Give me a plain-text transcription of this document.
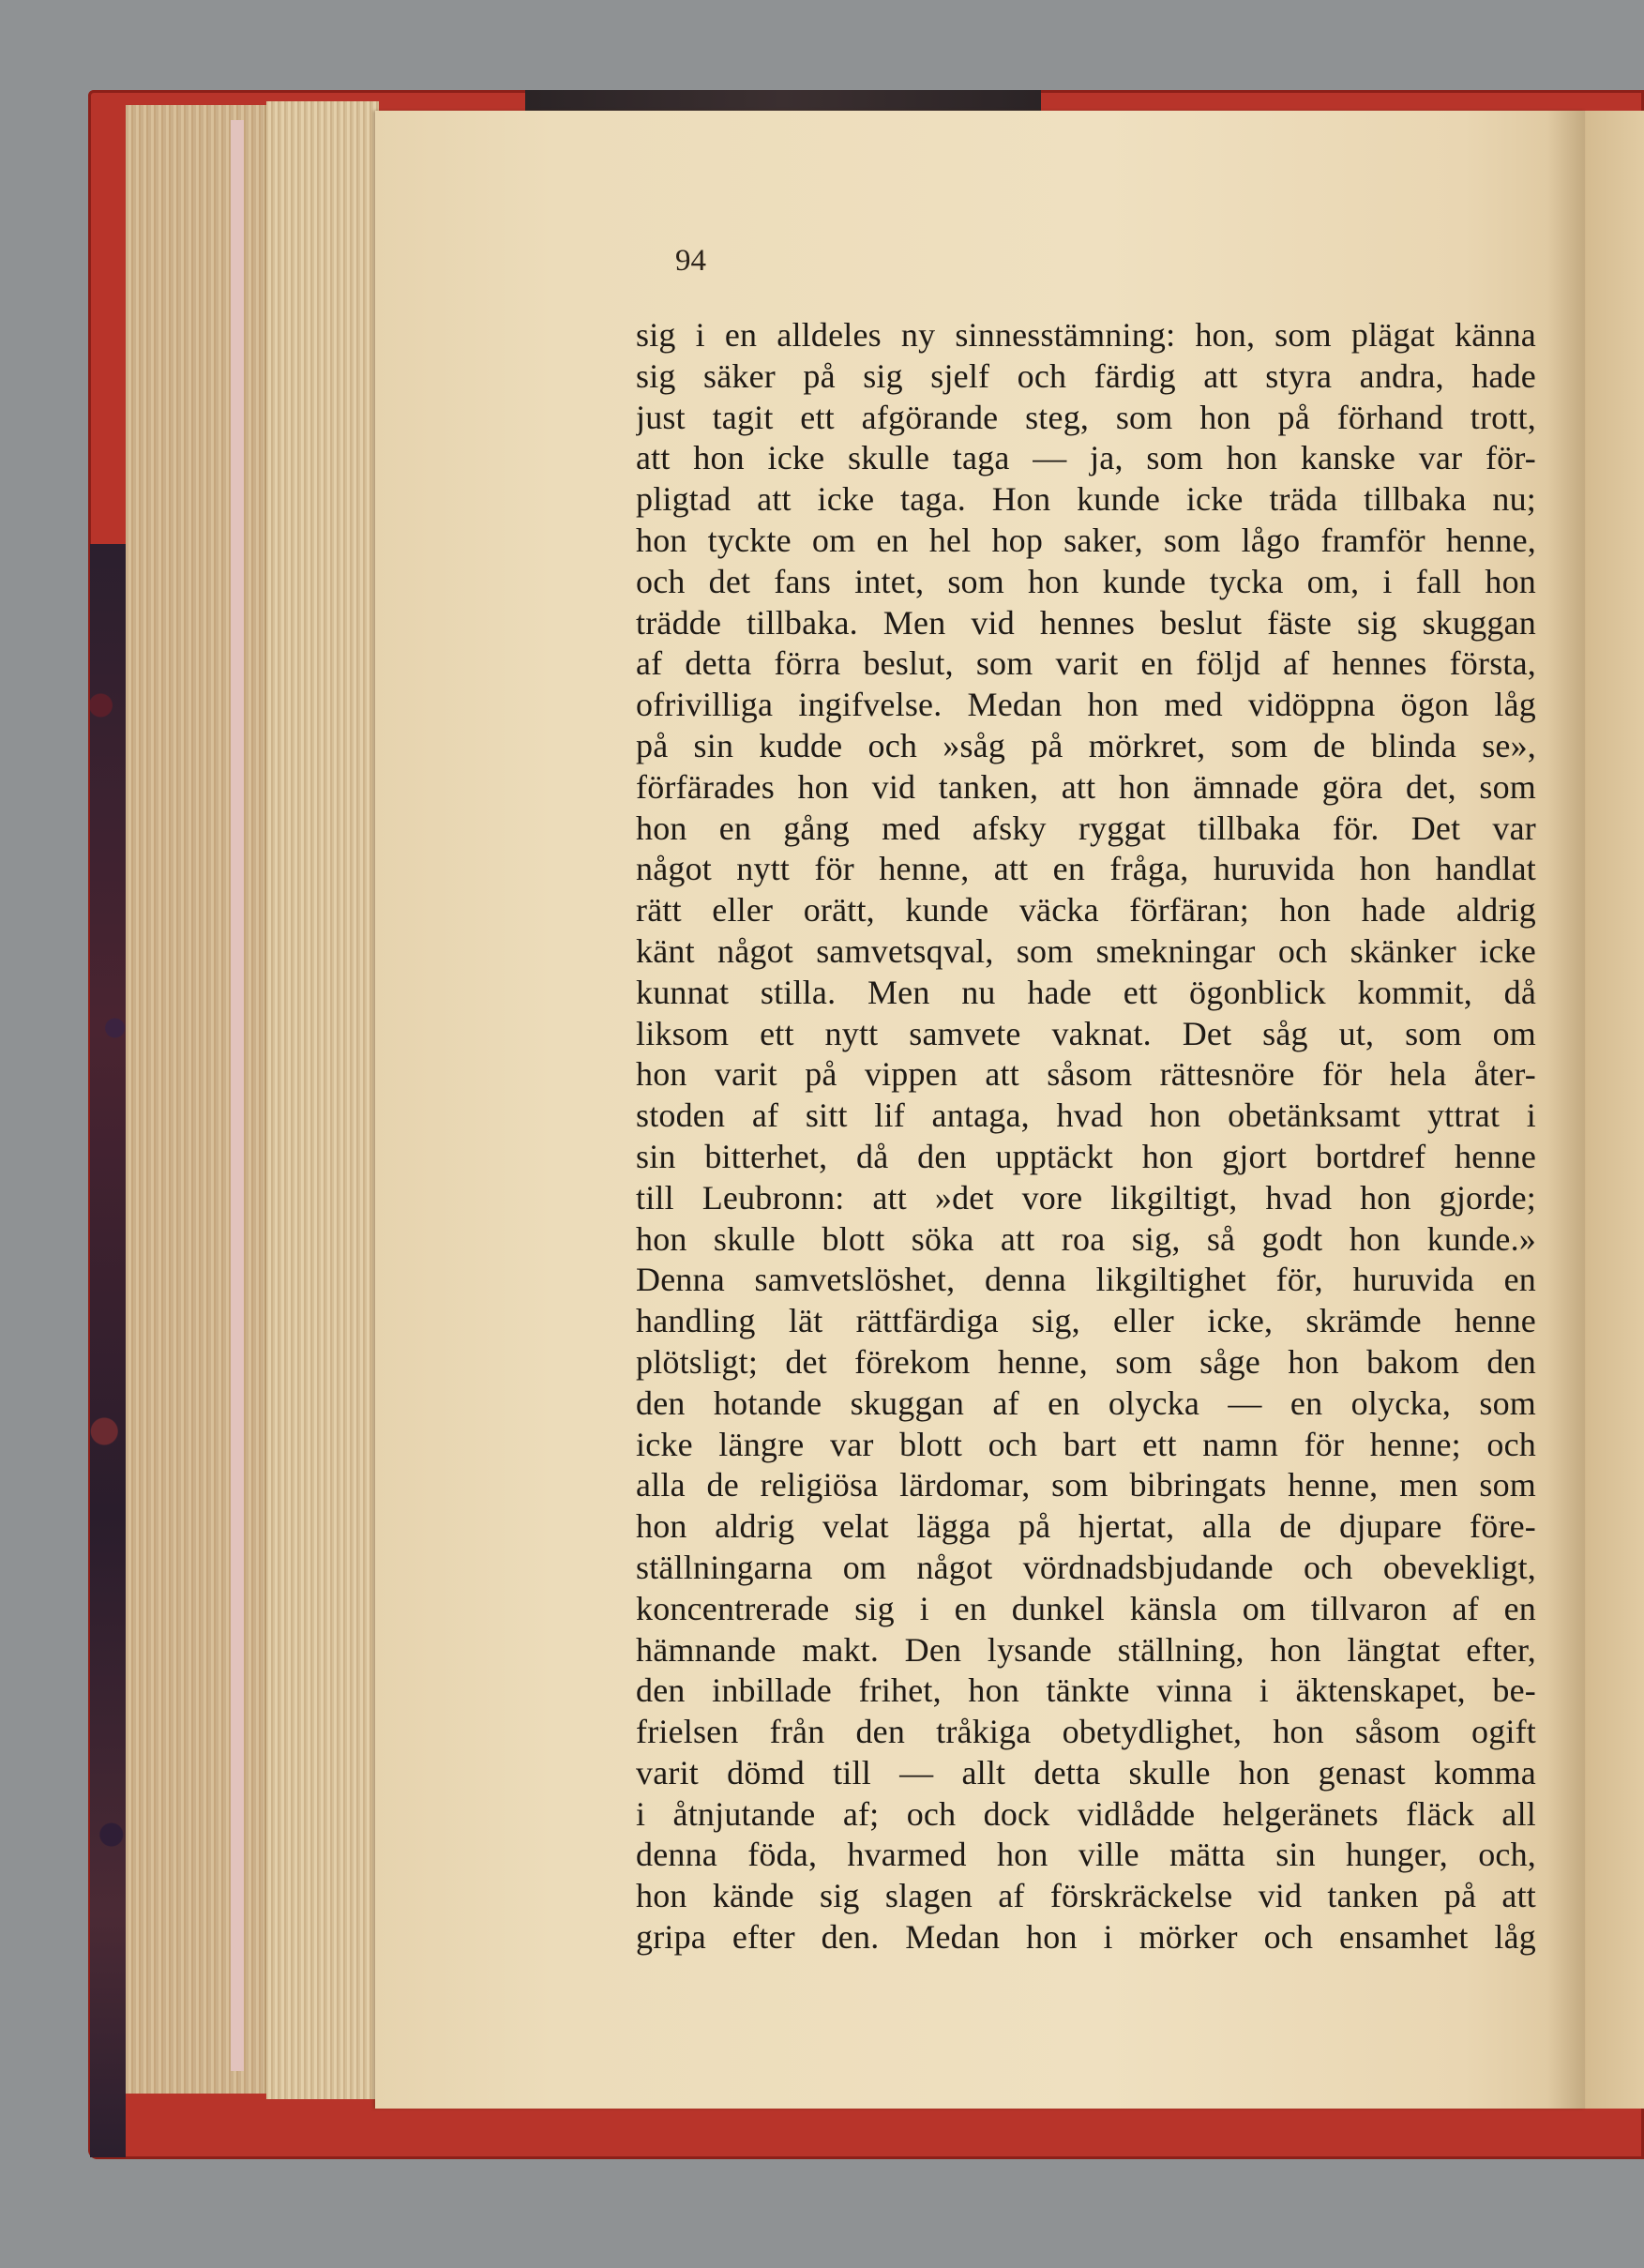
94

sig i en alldeles ny sinnesstämning: hon, som plägat känna
sig säker på sig sjelf och färdig att styra andra, hade
just tagit ett afgörande steg, som hon på förhand trott,
att hon icke skulle taga — ja, som hon kanske var för-
pligtad att icke taga. Hon kunde icke träda tillbaka nu;
hon tyckte om en hel hop saker, som lågo framför henne,
och det fans intet, som hon kunde tycka om, i fall hon
trädde tillbaka. Men vid hennes beslut fäste sig skuggan
af detta förra beslut, som varit en följd af hennes första,
ofrivilliga ingifvelse. Medan hon med vidöppna ögon låg
på sin kudde och »såg på mörkret, som de blinda se»,
förfärades hon vid tanken, att hon ämnade göra det, som
hon en gång med afsky ryggat tillbaka för. Det var
något nytt för henne, att en fråga, huruvida hon handlat
rätt eller orätt, kunde väcka förfäran; hon hade aldrig
känt något samvetsqval, som smekningar och skänker icke
kunnat stilla. Men nu hade ett ögonblick kommit, då
liksom ett nytt samvete vaknat. Det såg ut, som om
hon varit på vippen att såsom rättesnöre för hela åter-
stoden af sitt lif antaga, hvad hon obetänksamt yttrat i
sin bitterhet, då den upptäckt hon gjort bortdref henne
till Leubronn: att »det vore likgiltigt, hvad hon gjorde;
hon skulle blott söka att roa sig, så godt hon kunde.»
Denna samvetslöshet, denna likgiltighet för, huruvida en
handling lät rättfärdiga sig, eller icke, skrämde henne
plötsligt; det förekom henne, som såge hon bakom den
den hotande skuggan af en olycka — en olycka, som
icke längre var blott och bart ett namn för henne; och
alla de religiösa lärdomar, som bibringats henne, men som
hon aldrig velat lägga på hjertat, alla de djupare före-
ställningarna om något vördnadsbjudande och obevekligt,
koncentrerade sig i en dunkel känsla om tillvaron af en
hämnande makt. Den lysande ställning, hon längtat efter,
den inbillade frihet, hon tänkte vinna i äktenskapet, be-
frielsen från den tråkiga obetydlighet, hon såsom ogift
varit dömd till — allt detta skulle hon genast komma
i åtnjutande af; och dock vidlådde helgeränets fläck all
denna föda, hvarmed hon ville mätta sin hunger, och,
hon kände sig slagen af förskräckelse vid tanken på att
gripa efter den. Medan hon i mörker och ensamhet låg
